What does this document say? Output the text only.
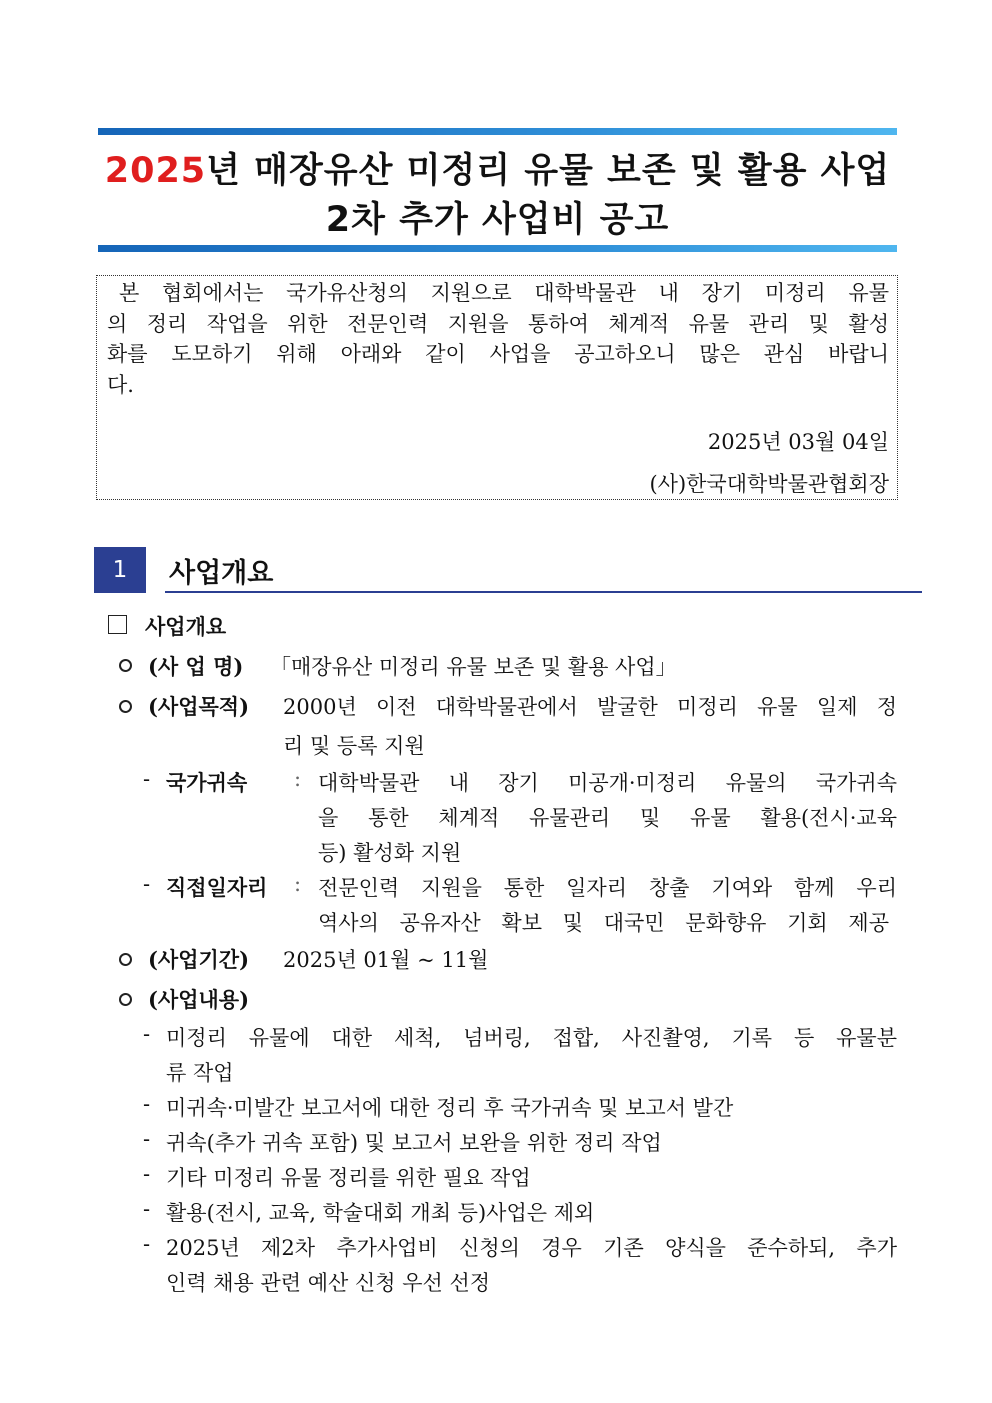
2025년 매장유산 미정리 유물 보존 및 활용 사업
2차 추가 사업비 공고
본 협회에서는 국가유산청의 지원으로 대학박물관 내 장기 미정리 유물
의 정리 작업을 위한 전문인력 지원을 통하여 체계적 유물 관리 및 활성
화를 도모하기 위해 아래와 같이 사업을 공고하오니 많은 관심 바랍니
다.
2025년 03월 04일
(사)한국대학박물관협회장
1	사업개요
사업개요
(사 업 명) 「매장유산 미정리 유물 보존 및 활용 사업」
(사업목적) 2000년 이전 대학박물관에서 발굴한 미정리 유물 일제 정
리 및 등록 지원
- 국가귀속	: 대학박물관 내 장기 미공개·미정리 유물의 국가귀속
을 통한 체계적 유물관리 및 유물 활용(전시·교육
등) 활성화 지원
- 직접일자리 : 전문인력 지원을 통한 일자리 창출 기여와 함께 우리
역사의 공유자산 확보 및 대국민 문화향유 기회 제공
(사업기간) 2025년 01월 ~ 11월
(사업내용)
- 미정리 유물에 대한 세척, 넘버링, 접합, 사진촬영, 기록 등 유물분
류 작업
- 미귀속·미발간 보고서에 대한 정리 후 국가귀속 및 보고서 발간
- 귀속(추가 귀속 포함) 및 보고서 보완을 위한 정리 작업
- 기타 미정리 유물 정리를 위한 필요 작업
- 활용(전시, 교육, 학술대회 개최 등)사업은 제외
- 2025년 제2차 추가사업비 신청의 경우 기존 양식을 준수하되, 추가
인력 채용 관련 예산 신청 우선 선정
